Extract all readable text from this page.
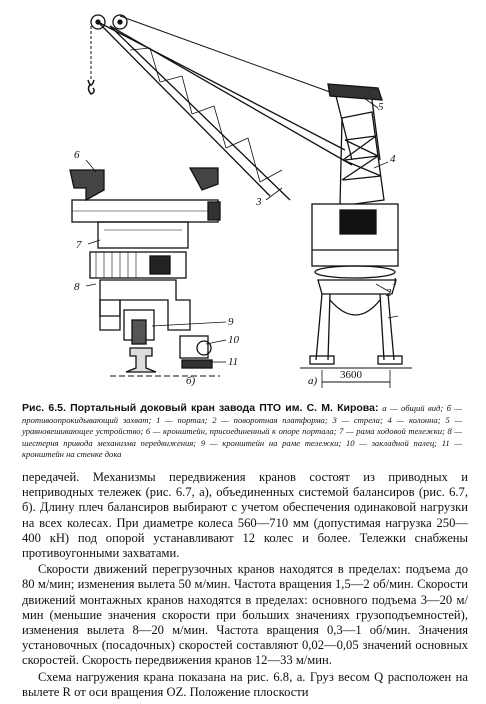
1
2
3
4
5
6
7
8
9
10
11
б)	a) 3600
Рис. 6.5. Портальный доковый кран завода ПТО им. С. М. Кирова: а — общий вид; б — противоопрокидывающий захват; 1 — портал; 2 — поворотная платформа; 3 — стрела; 4 — колонна; 5 — уравновешивающее устройство; 6 — кронштейн, присоединенный к опоре портала; 7 — рама ходовой тележки; 8 — шестерня привода механизма передвижения; 9 — кронштейн на раме тележки; 10 — закладной палец; 11 — кронштейн на стенке дока

передачей. Механизмы передвижения кранов состоят из приводных и неприводных тележек (рис. 6.7, а), объединенных системой балансиров (рис. 6.7, б). Длину плеч балансиров выбирают с учетом обеспечения одинаковой нагрузки на всех колесах. При диаметре колеса 560—710 мм (допустимая нагрузка 250—400 кН) под опорой устанавливают 12 колес и более. Тележки снабжены противоугонными захватами.

Скорости движений перегрузочных кранов находятся в пределах: подъема до 80 м/мин; изменения вылета 50 м/мин. Частота вращения 1,5—2 об/мин. Скорости движений монтажных кранов находятся в пределах: основного подъема 3—20 м/мин (меньшие значения скорости при больших значениях грузоподъемностей), изменения вылета 8—20 м/мин. Частота вращения 0,3—1 об/мин. Значения установочных (посадочных) скоростей составляют 0,02—0,05 значений основных скоростей. Скорость передвижения кранов 12—33 м/мин.

Схема нагружения крана показана на рис. 6.8, а. Груз весом Q расположен на вылете R от оси вращения OZ. Положение плоскости
